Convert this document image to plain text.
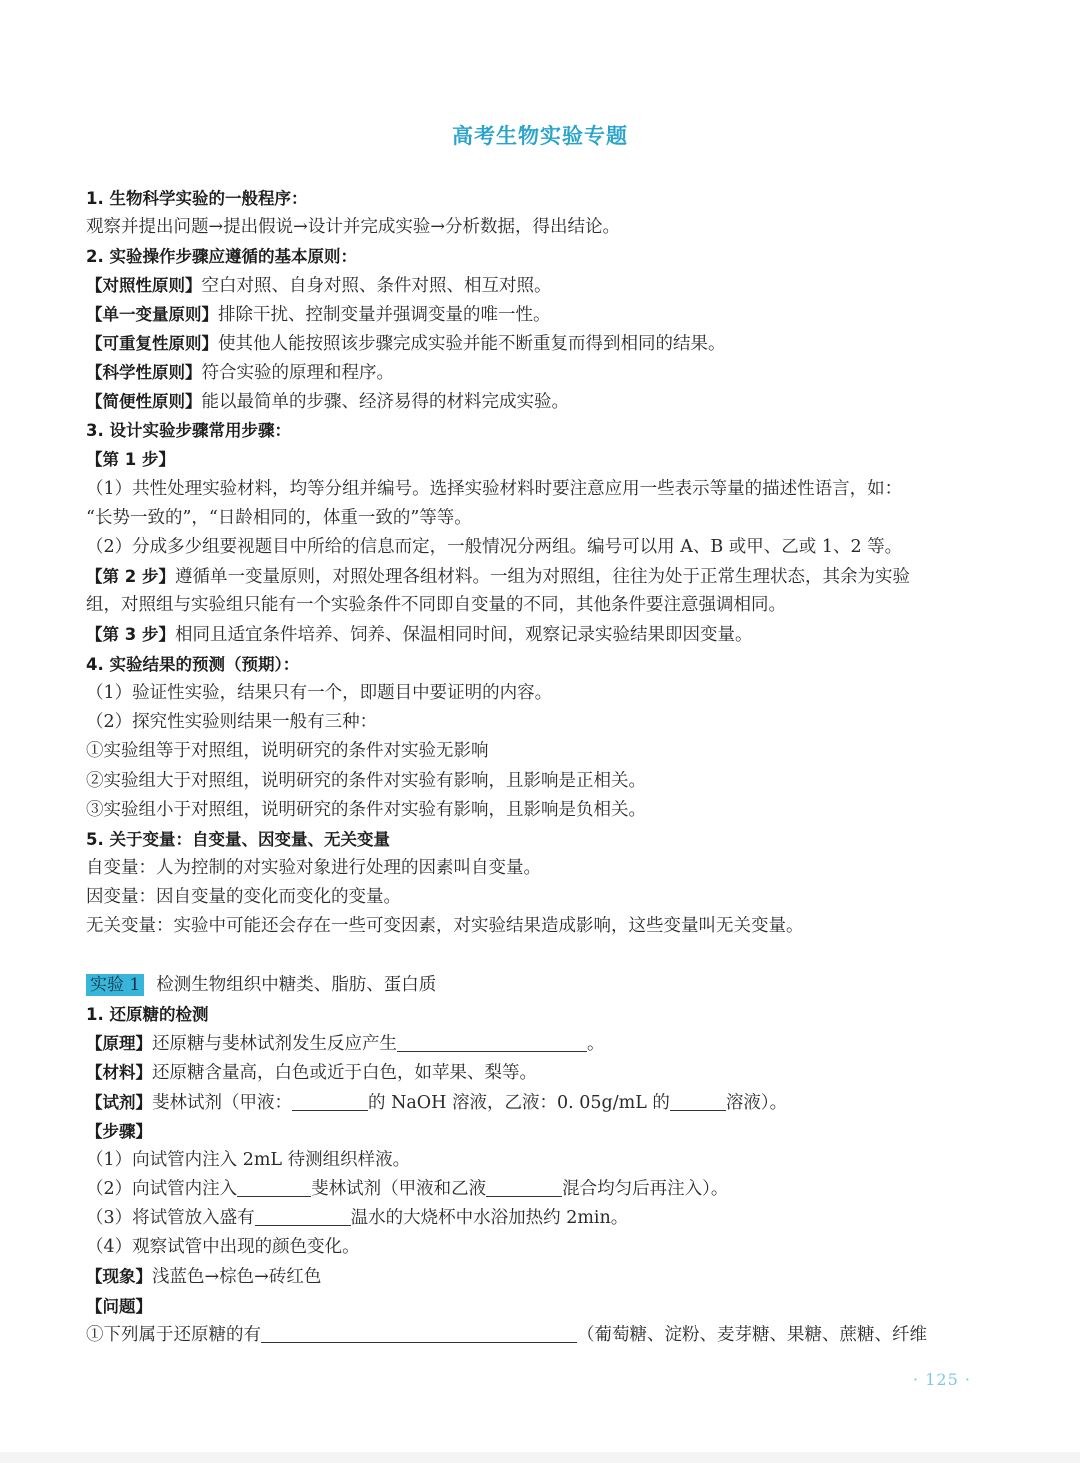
高考生物实验专题
1. 生物科学实验的一般程序：
观察并提出问题→提出假说→设计并完成实验→分析数据，得出结论。
2. 实验操作步骤应遵循的基本原则：
【对照性原则】空白对照、自身对照、条件对照、相互对照。
【单一变量原则】排除干扰、控制变量并强调变量的唯一性。
【可重复性原则】使其他人能按照该步骤完成实验并能不断重复而得到相同的结果。
【科学性原则】符合实验的原理和程序。
【简便性原则】能以最简单的步骤、经济易得的材料完成实验。
3. 设计实验步骤常用步骤：
【第 1 步】
（1）共性处理实验材料，均等分组并编号。选择实验材料时要注意应用一些表示等量的描述性语言，如：
“长势一致的”，“日龄相同的，体重一致的”等等。
（2）分成多少组要视题目中所给的信息而定，一般情况分两组。编号可以用 A、B 或甲、乙或 1、2 等。
【第 2 步】遵循单一变量原则，对照处理各组材料。一组为对照组，往往为处于正常生理状态，其余为实验
组，对照组与实验组只能有一个实验条件不同即自变量的不同，其他条件要注意强调相同。
【第 3 步】相同且适宜条件培养、饲养、保温相同时间，观察记录实验结果即因变量。
4. 实验结果的预测（预期）：
（1）验证性实验，结果只有一个，即题目中要证明的内容。
（2）探究性实验则结果一般有三种：
①实验组等于对照组，说明研究的条件对实验无影响
②实验组大于对照组，说明研究的条件对实验有影响，且影响是正相关。
③实验组小于对照组，说明研究的条件对实验有影响，且影响是负相关。
5. 关于变量：自变量、因变量、无关变量
自变量：人为控制的对实验对象进行处理的因素叫自变量。
因变量：因自变量的变化而变化的变量。
无关变量：实验中可能还会存在一些可变因素，对实验结果造成影响，这些变量叫无关变量。
实验 1 检测生物组织中糖类、脂肪、蛋白质
1. 还原糖的检测
【原理】还原糖与斐林试剂发生反应产生	。
【材料】还原糖含量高，白色或近于白色，如苹果、梨等。
【试剂】斐林试剂（甲液：	的 NaOH 溶液，乙液：0. 05g/mL 的	溶液）。
【步骤】
（1）向试管内注入 2mL 待测组织样液。
（2）向试管内注入	斐林试剂（甲液和乙液	混合均匀后再注入）。
（3）将试管放入盛有	温水的大烧杯中水浴加热约 2min。
（4）观察试管中出现的颜色变化。
【现象】浅蓝色→棕色→砖红色
【问题】
①下列属于还原糖的有	（葡萄糖、淀粉、麦芽糖、果糖、蔗糖、纤维
· 125 ·
